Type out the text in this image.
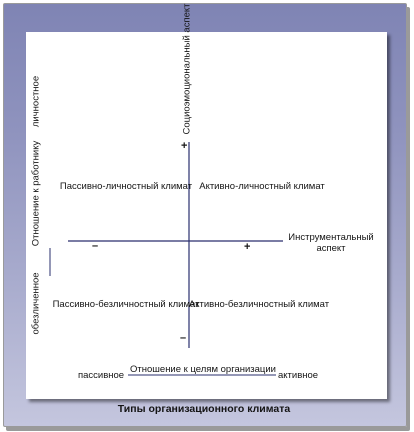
Социоэмоциональный аспект
+
–
Инструментальный аспект
–	+
Пассивно-личностный климат Активно-личностный климат
Пассивно-безличностный климат
Активно-безличностный климат
личностное
Отношение к работнику
обезличенное
пассивное
Отношение к целям организации
активное
Типы организационного климата
